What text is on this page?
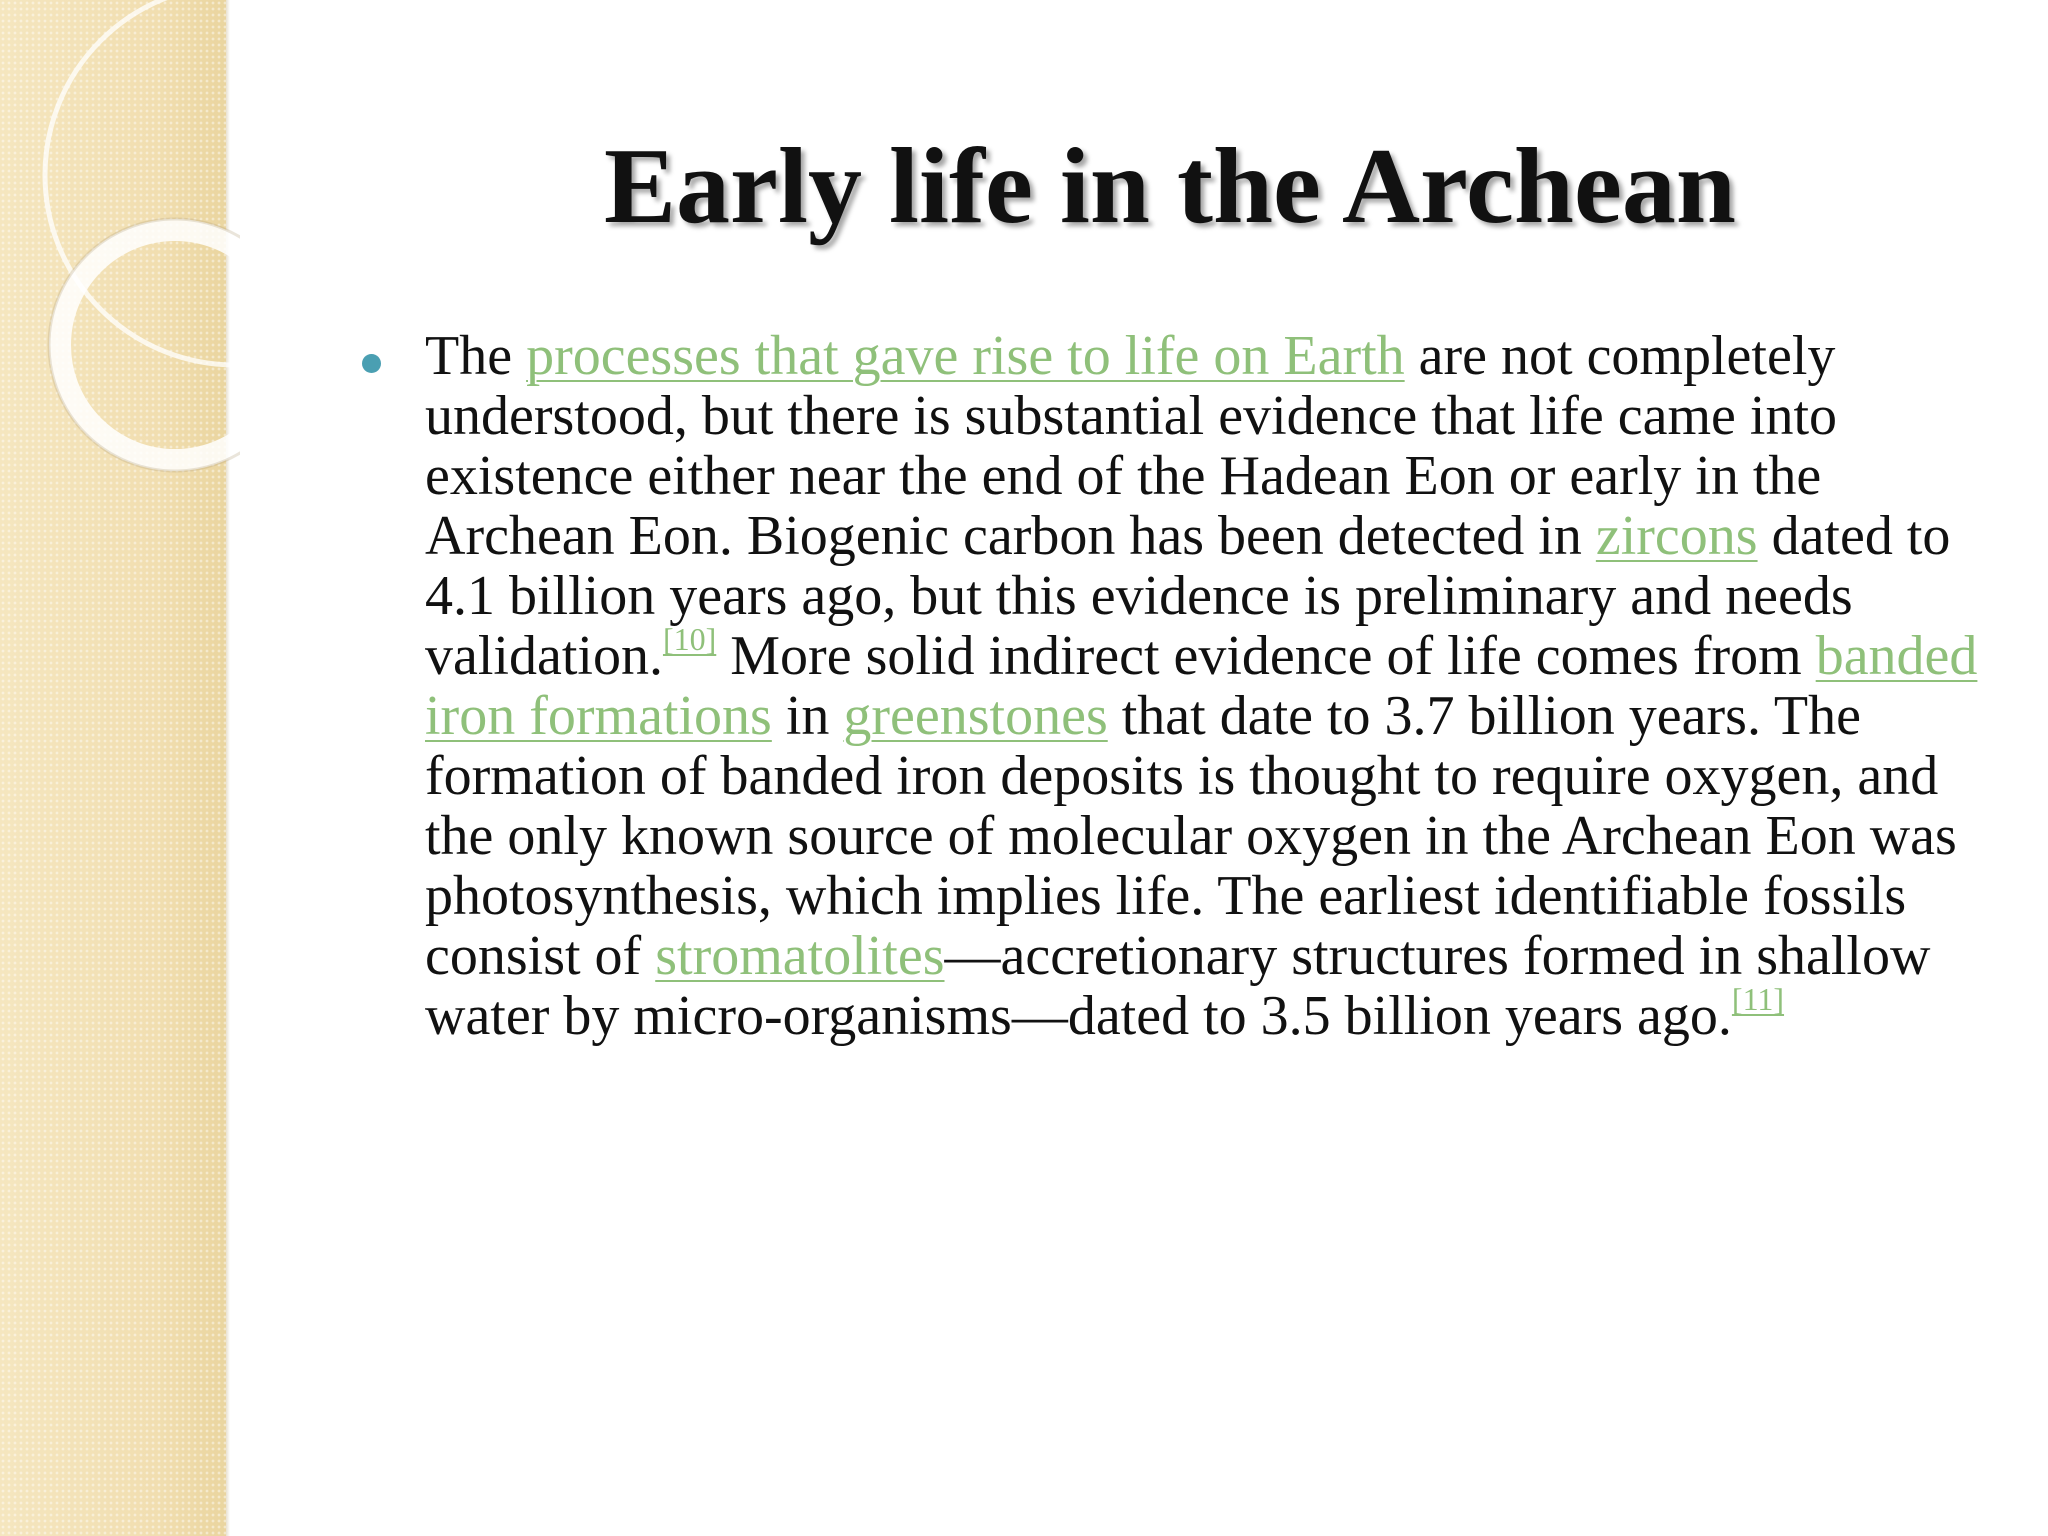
Early life in the Archean

The processes that gave rise to life on Earth are not completely understood, but there is substantial evidence that life came into existence either near the end of the Hadean Eon or early in the Archean Eon. Biogenic carbon has been detected in zircons dated to 4.1 billion years ago, but this evidence is preliminary and needs validation.[10] More solid indirect evidence of life comes from banded iron formations in greenstones that date to 3.7 billion years. The formation of banded iron deposits is thought to require oxygen, and the only known source of molecular oxygen in the Archean Eon was photosynthesis, which implies life. The earliest identifiable fossils consist of stromatolites—accretionary structures formed in shallow water by micro-organisms—dated to 3.5 billion years ago.[11]
